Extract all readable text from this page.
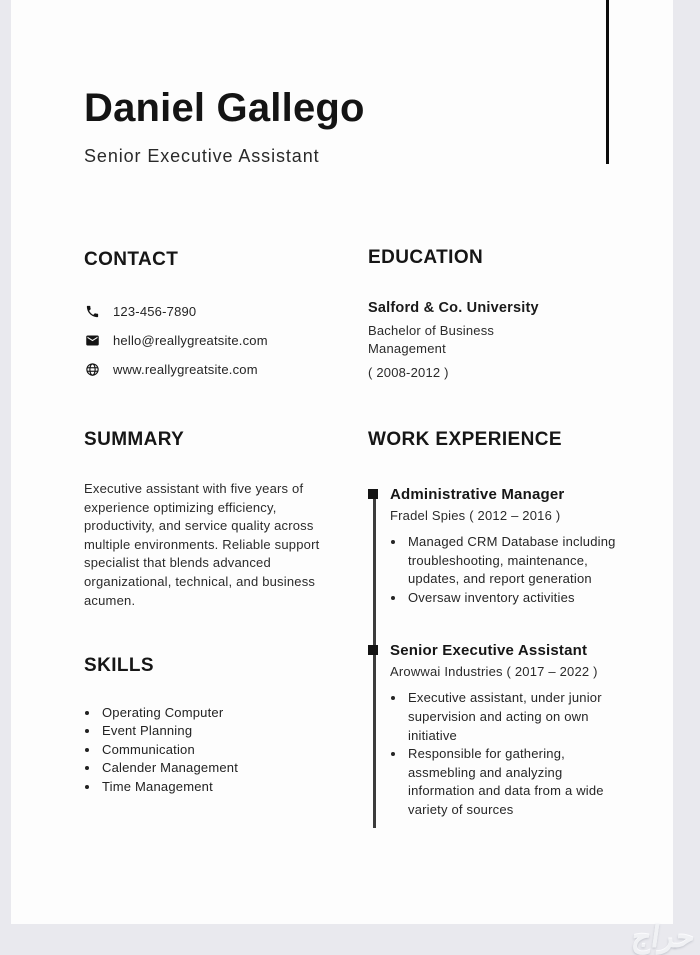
Daniel Gallego
Senior Executive Assistant
CONTACT
123-456-7890
hello@reallygreatsite.com
www.reallygreatsite.com
EDUCATION
Salford & Co. University
Bachelor of Business Management
( 2008-2012 )
SUMMARY

Executive assistant with five years of experience optimizing efficiency, productivity, and service quality across multiple environments. Reliable support specialist that blends advanced organizational, technical, and business acumen.

WORK EXPERIENCE
Administrative Manager
Fradel Spies ( 2012 – 2016 )
• Managed CRM Database including troubleshooting, maintenance, updates, and report generation
• Oversaw inventory activities
Senior Executive Assistant
Arowwai Industries ( 2017 – 2022 )
• Executive assistant, under junior supervision and acting on own initiative
• Responsible for gathering, assmebling and analyzing information and data from a wide variety of sources
SKILLS
• Operating Computer
• Event Planning
• Communication
• Calender Management
• Time Management
حراج
